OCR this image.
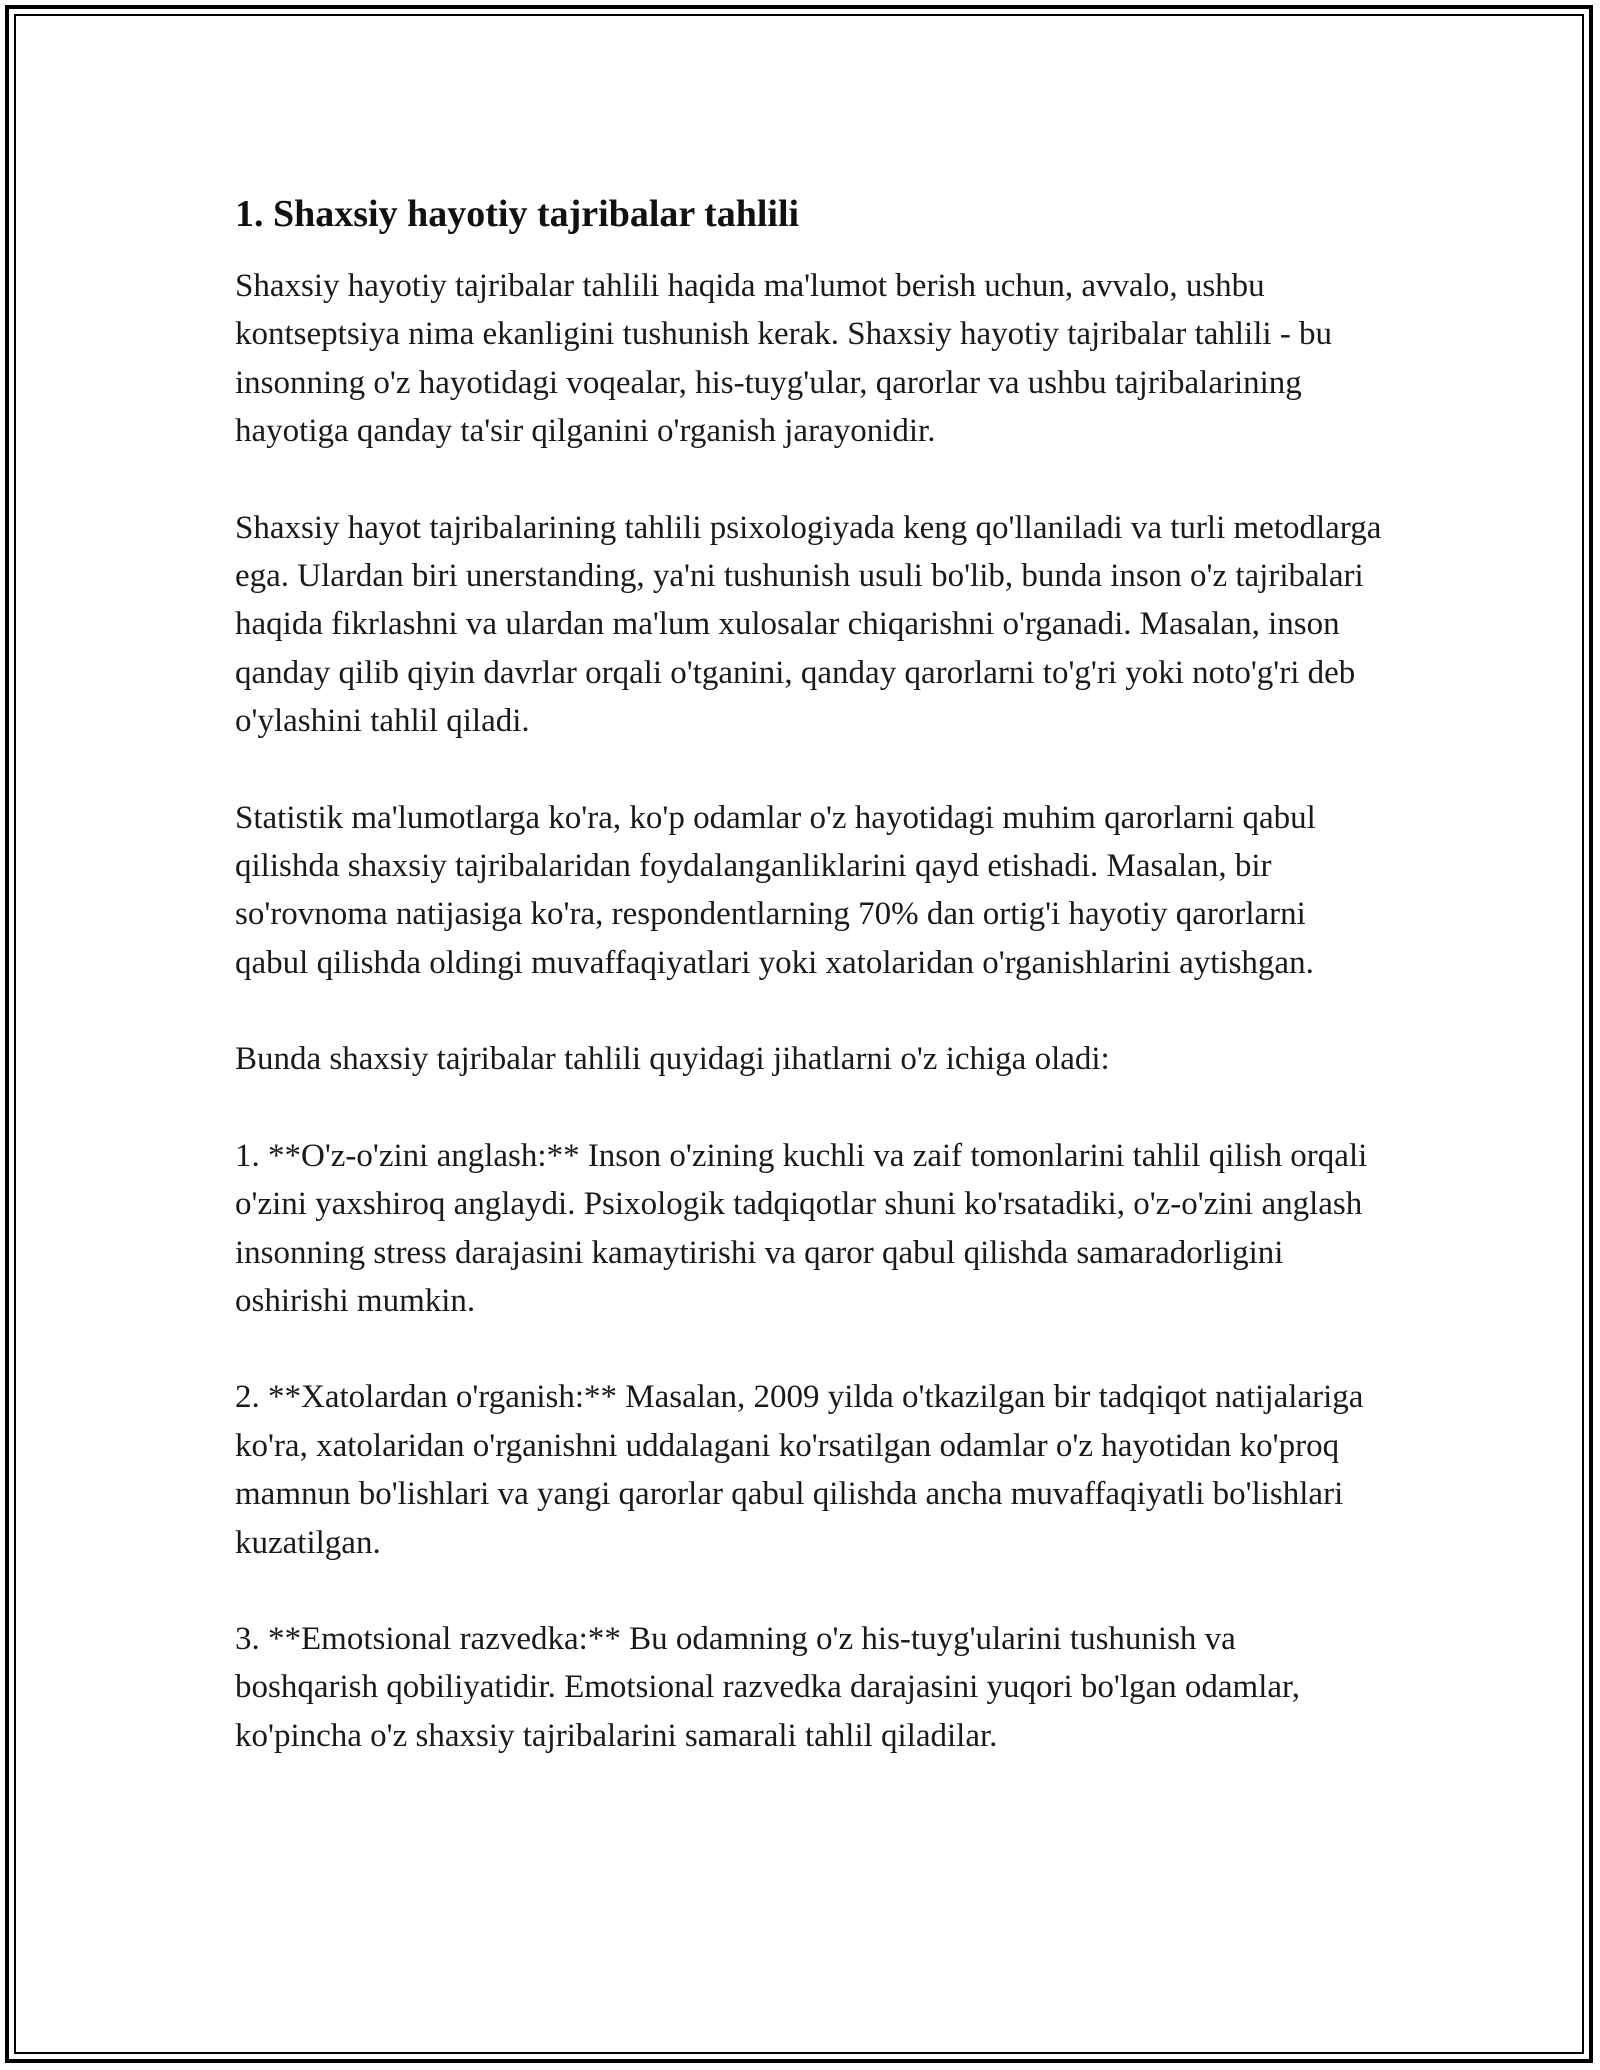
1. Shaxsiy hayotiy tajribalar tahlili

Shaxsiy hayotiy tajribalar tahlili haqida ma'lumot berish uchun, avvalo, ushbu kontseptsiya nima ekanligini tushunish kerak. Shaxsiy hayotiy tajribalar tahlili - bu insonning o'z hayotidagi voqealar, his-tuyg'ular, qarorlar va ushbu tajribalarining hayotiga qanday ta'sir qilganini o'rganish jarayonidir.

Shaxsiy hayot tajribalarining tahlili psixologiyada keng qo'llaniladi va turli metodlarga ega. Ulardan biri unerstanding, ya'ni tushunish usuli bo'lib, bunda inson o'z tajribalari haqida fikrlashni va ulardan ma'lum xulosalar chiqarishni o'rganadi. Masalan, inson qanday qilib qiyin davrlar orqali o'tganini, qanday qarorlarni to'g'ri yoki noto'g'ri deb o'ylashini tahlil qiladi.

Statistik ma'lumotlarga ko'ra, ko'p odamlar o'z hayotidagi muhim qarorlarni qabul qilishda shaxsiy tajribalaridan foydalanganliklarini qayd etishadi. Masalan, bir so'rovnoma natijasiga ko'ra, respondentlarning 70% dan ortig'i hayotiy qarorlarni qabul qilishda oldingi muvaffaqiyatlari yoki xatolaridan o'rganishlarini aytishgan.

Bunda shaxsiy tajribalar tahlili quyidagi jihatlarni o'z ichiga oladi:

1. **O'z-o'zini anglash:** Inson o'zining kuchli va zaif tomonlarini tahlil qilish orqali o'zini yaxshiroq anglaydi. Psixologik tadqiqotlar shuni ko'rsatadiki, o'z-o'zini anglash insonning stress darajasini kamaytirishi va qaror qabul qilishda samaradorligini oshirishi mumkin.

2. **Xatolardan o'rganish:** Masalan, 2009 yilda o'tkazilgan bir tadqiqot natijalariga ko'ra, xatolaridan o'rganishni uddalagani ko'rsatilgan odamlar o'z hayotidan ko'proq mamnun bo'lishlari va yangi qarorlar qabul qilishda ancha muvaffaqiyatli bo'lishlari kuzatilgan.

3. **Emotsional razvedka:** Bu odamning o'z his-tuyg'ularini tushunish va boshqarish qobiliyatidir. Emotsional razvedka darajasini yuqori bo'lgan odamlar, ko'pincha o'z shaxsiy tajribalarini samarali tahlil qiladilar.
